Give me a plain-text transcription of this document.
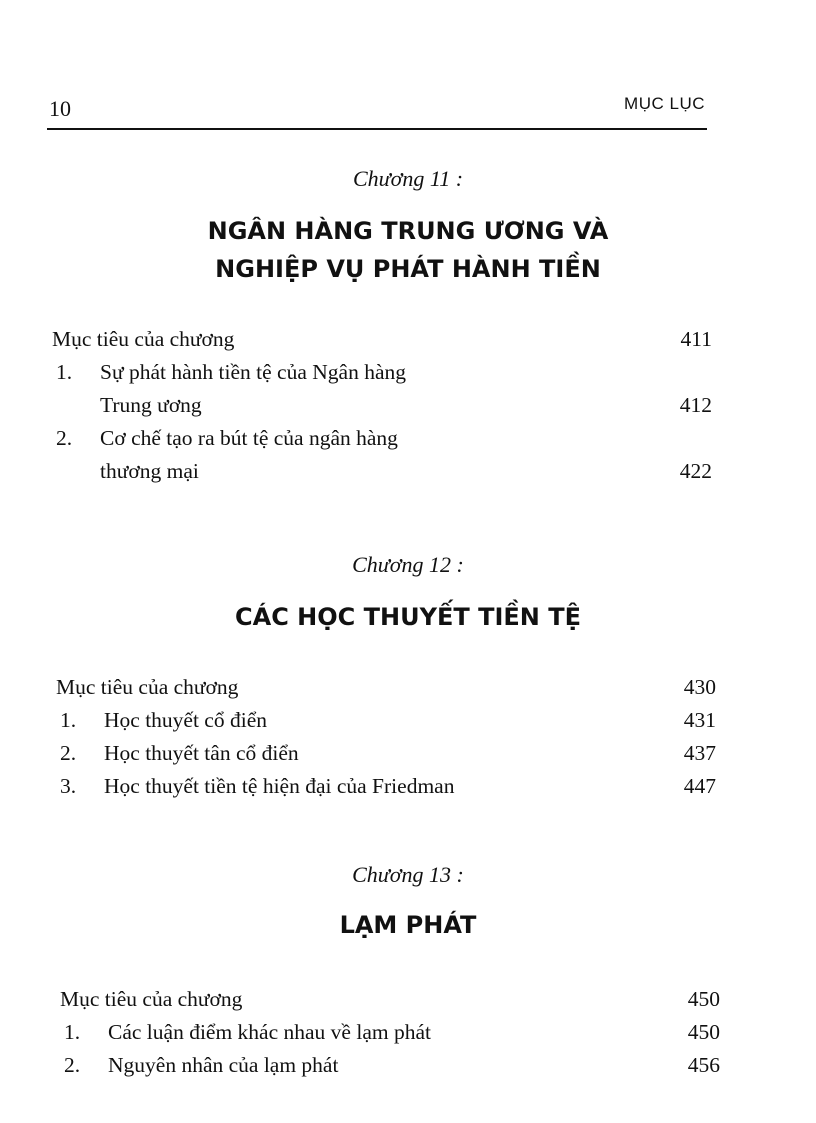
10	MỤC LỤC
Chương 11 :
NGÂN HÀNG TRUNG ƯƠNG VÀ
NGHIỆP VỤ PHÁT HÀNH TIỀN
Mục tiêu của chương	411
1.	Sự phát hành tiền tệ của Ngân hàng
Trung ương	412
2.	Cơ chế tạo ra bút tệ của ngân hàng
thương mại	422
Chương 12 :
CÁC HỌC THUYẾT TIỀN TỆ
Mục tiêu của chương	430
1.	Học thuyết cổ điển	431
2.	Học thuyết tân cổ điển	437
3.	Học thuyết tiền tệ hiện đại của Friedman	447
Chương 13 :
LẠM PHÁT
Mục tiêu của chương	450
1.	Các luận điểm khác nhau về lạm phát	450
2.	Nguyên nhân của lạm phát	456
